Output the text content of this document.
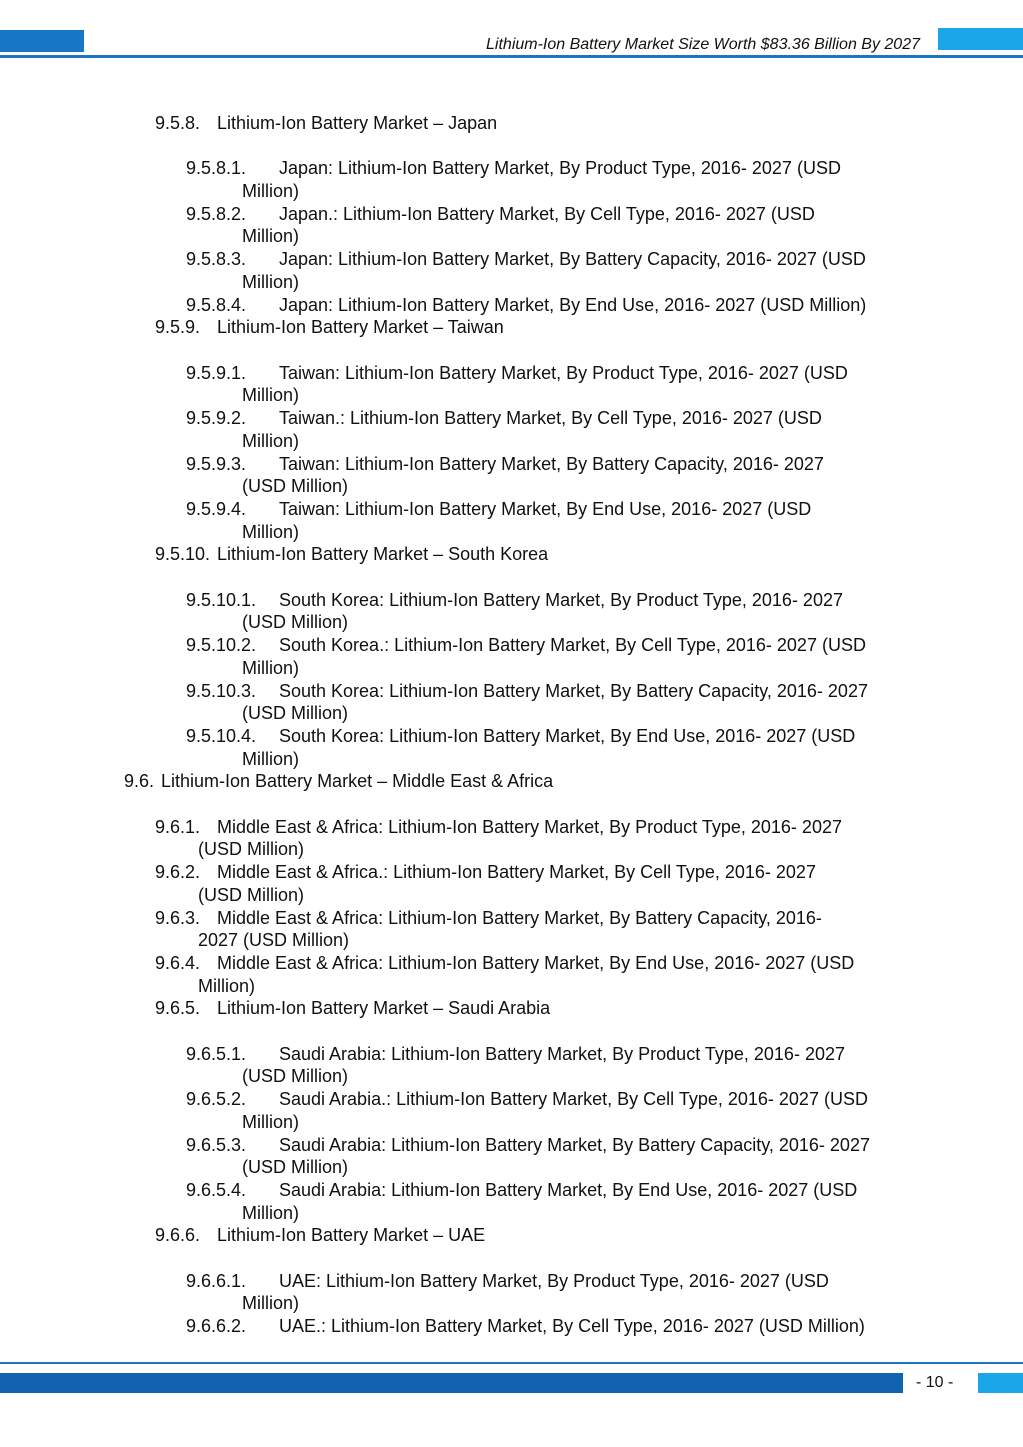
Lithium-Ion Battery Market Size Worth $83.36 Billion By 2027
9.5.8. Lithium-Ion Battery Market – Japan
9.5.8.1. Japan: Lithium-Ion Battery Market, By Product Type, 2016- 2027 (USD
Million)
9.5.8.2. Japan.: Lithium-Ion Battery Market, By Cell Type, 2016- 2027 (USD
Million)
9.5.8.3. Japan: Lithium-Ion Battery Market, By Battery Capacity, 2016- 2027 (USD
Million)
9.5.8.4. Japan: Lithium-Ion Battery Market, By End Use, 2016- 2027 (USD Million)
9.5.9. Lithium-Ion Battery Market – Taiwan
9.5.9.1. Taiwan: Lithium-Ion Battery Market, By Product Type, 2016- 2027 (USD
Million)
9.5.9.2. Taiwan.: Lithium-Ion Battery Market, By Cell Type, 2016- 2027 (USD
Million)
9.5.9.3. Taiwan: Lithium-Ion Battery Market, By Battery Capacity, 2016- 2027
(USD Million)
9.5.9.4. Taiwan: Lithium-Ion Battery Market, By End Use, 2016- 2027 (USD
Million)
9.5.10. Lithium-Ion Battery Market – South Korea
9.5.10.1. South Korea: Lithium-Ion Battery Market, By Product Type, 2016- 2027
(USD Million)
9.5.10.2. South Korea.: Lithium-Ion Battery Market, By Cell Type, 2016- 2027 (USD
Million)
9.5.10.3. South Korea: Lithium-Ion Battery Market, By Battery Capacity, 2016- 2027
(USD Million)
9.5.10.4. South Korea: Lithium-Ion Battery Market, By End Use, 2016- 2027 (USD
Million)
9.6. Lithium-Ion Battery Market – Middle East & Africa
9.6.1. Middle East & Africa: Lithium-Ion Battery Market, By Product Type, 2016- 2027
(USD Million)
9.6.2. Middle East & Africa.: Lithium-Ion Battery Market, By Cell Type, 2016- 2027
(USD Million)
9.6.3. Middle East & Africa: Lithium-Ion Battery Market, By Battery Capacity, 2016-
2027 (USD Million)
9.6.4. Middle East & Africa: Lithium-Ion Battery Market, By End Use, 2016- 2027 (USD
Million)
9.6.5. Lithium-Ion Battery Market – Saudi Arabia
9.6.5.1. Saudi Arabia: Lithium-Ion Battery Market, By Product Type, 2016- 2027
(USD Million)
9.6.5.2. Saudi Arabia.: Lithium-Ion Battery Market, By Cell Type, 2016- 2027 (USD
Million)
9.6.5.3. Saudi Arabia: Lithium-Ion Battery Market, By Battery Capacity, 2016- 2027
(USD Million)
9.6.5.4. Saudi Arabia: Lithium-Ion Battery Market, By End Use, 2016- 2027 (USD
Million)
9.6.6. Lithium-Ion Battery Market – UAE
9.6.6.1. UAE: Lithium-Ion Battery Market, By Product Type, 2016- 2027 (USD
Million)
9.6.6.2. UAE.: Lithium-Ion Battery Market, By Cell Type, 2016- 2027 (USD Million)
- 10 -
